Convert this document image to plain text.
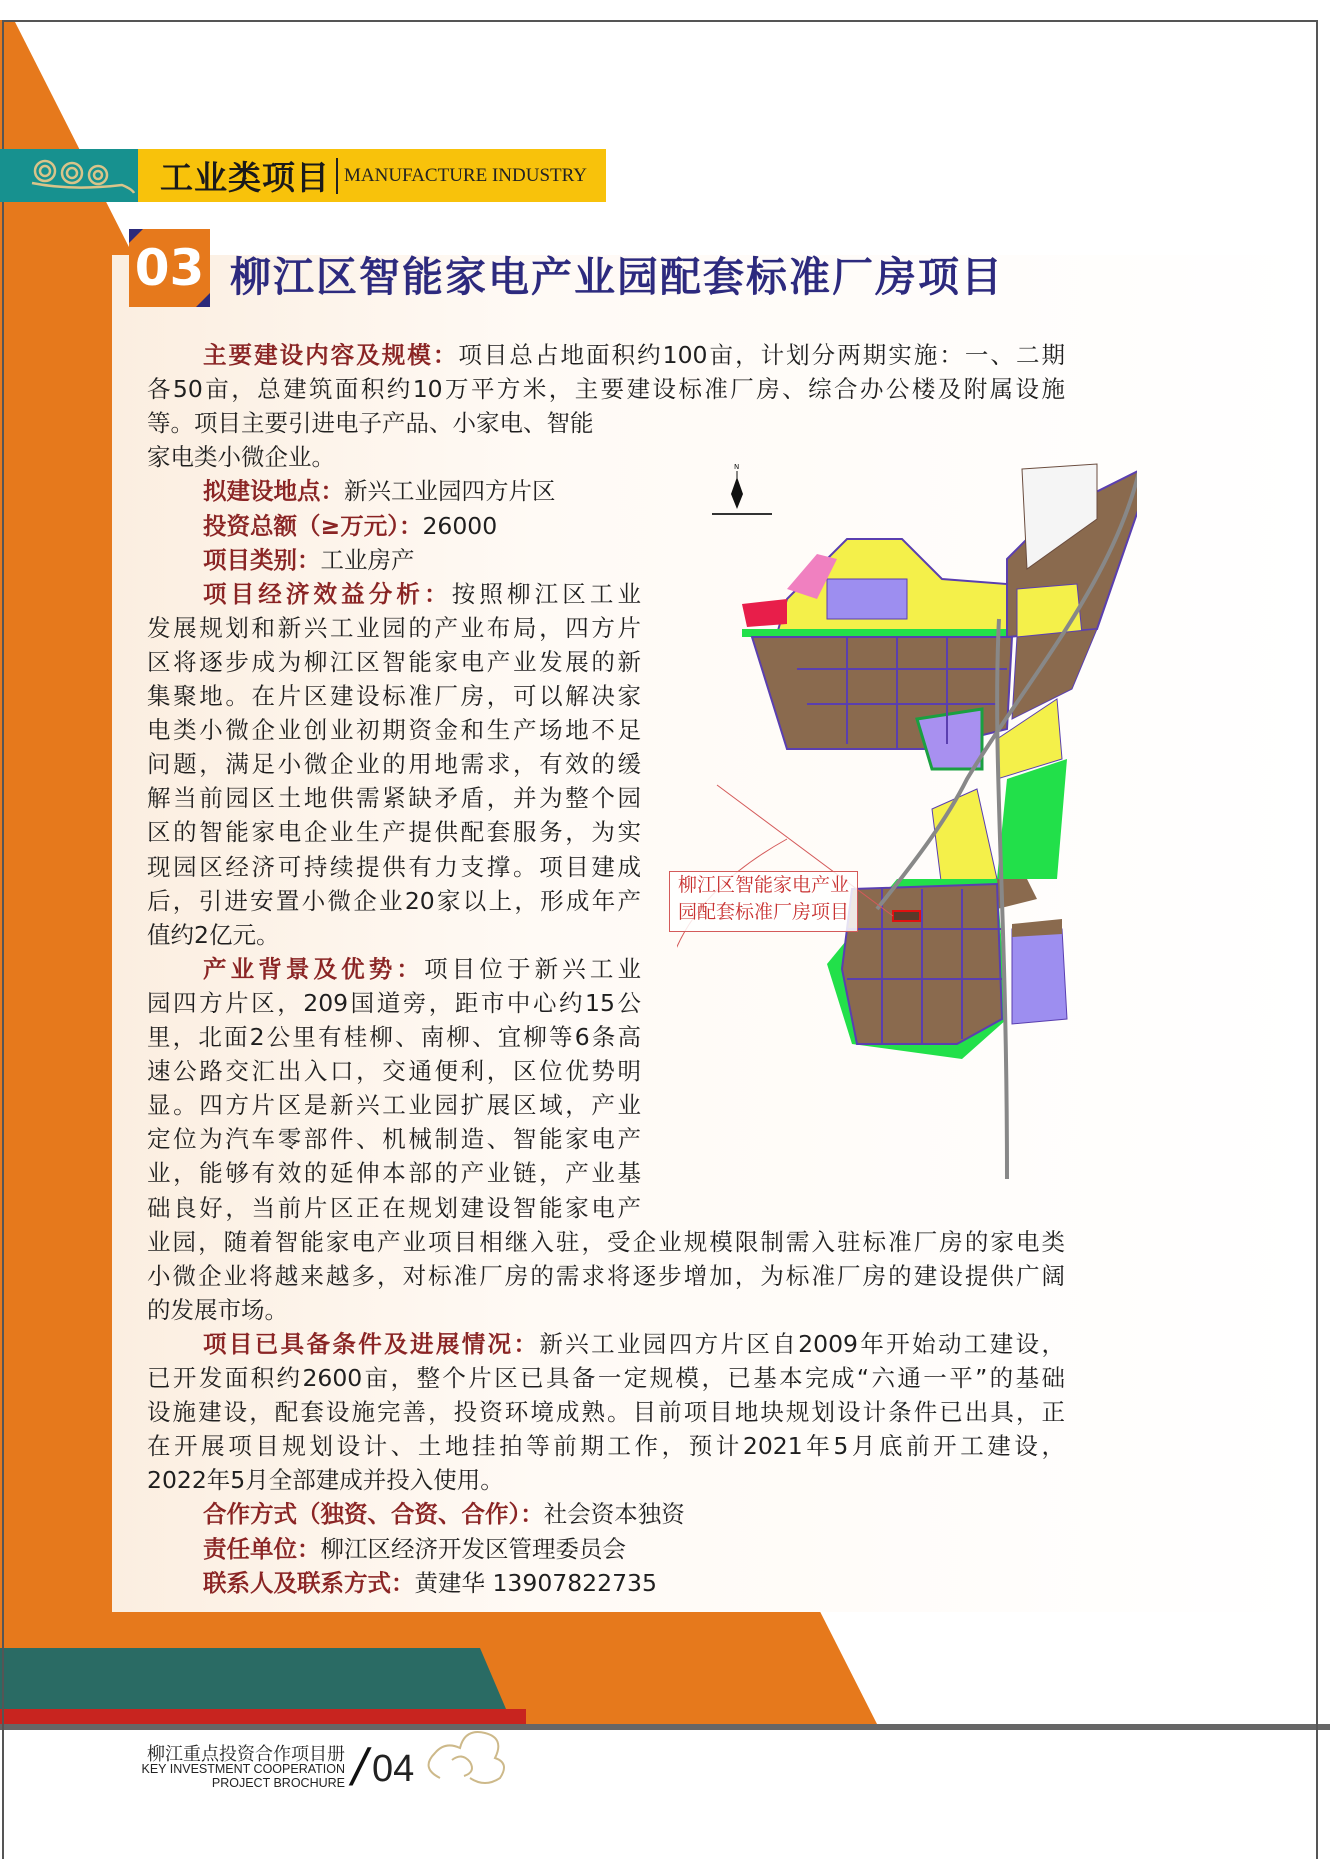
工业类项目 MANUFACTURE INDUSTRY
03 柳江区智能家电产业园配套标准厂房项目
主要建设内容及规模：项目总占地面积约100亩，计划分两期实施：一、二期
各50亩，总建筑面积约10万平方米，主要建设标准厂房、综合办公楼及附属设施
等。项目主要引进电子产品、小家电、智能
家电类小微企业。
拟建设地点：新兴工业园四方片区
投资总额（≥万元）：26000
项目类别：工业房产
项目经济效益分析：按照柳江区工业
发展规划和新兴工业园的产业布局，四方片
区将逐步成为柳江区智能家电产业发展的新
集聚地。在片区建设标准厂房，可以解决家
电类小微企业创业初期资金和生产场地不足
问题，满足小微企业的用地需求，有效的缓
解当前园区土地供需紧缺矛盾，并为整个园
区的智能家电企业生产提供配套服务，为实
现园区经济可持续提供有力支撑。项目建成
后，引进安置小微企业20家以上，形成年产
值约2亿元。
产业背景及优势：项目位于新兴工业
园四方片区，209国道旁，距市中心约15公
里，北面2公里有桂柳、南柳、宜柳等6条高
速公路交汇出入口，交通便利，区位优势明
显。四方片区是新兴工业园扩展区域，产业
定位为汽车零部件、机械制造、智能家电产
业，能够有效的延伸本部的产业链，产业基
础良好，当前片区正在规划建设智能家电产
业园，随着智能家电产业项目相继入驻，受企业规模限制需入驻标准厂房的家电类
小微企业将越来越多，对标准厂房的需求将逐步增加，为标准厂房的建设提供广阔
的发展市场。
项目已具备条件及进展情况：新兴工业园四方片区自2009年开始动工建设，
已开发面积约2600亩，整个片区已具备一定规模，已基本完成“六通一平”的基础
设施建设，配套设施完善，投资环境成熟。目前项目地块规划设计条件已出具，正
在开展项目规划设计、土地挂拍等前期工作，预计2021年5月底前开工建设，
2022年5月全部建成并投入使用。
合作方式（独资、合资、合作）：社会资本独资
责任单位：柳江区经济开发区管理委员会
联系人及联系方式：黄建华 13907822735
N
柳江区智能家电产业
园配套标准厂房项目
柳江重点投资合作项目册
KEY INVESTMENT COOPERATION
PROJECT BROCHURE / 04
